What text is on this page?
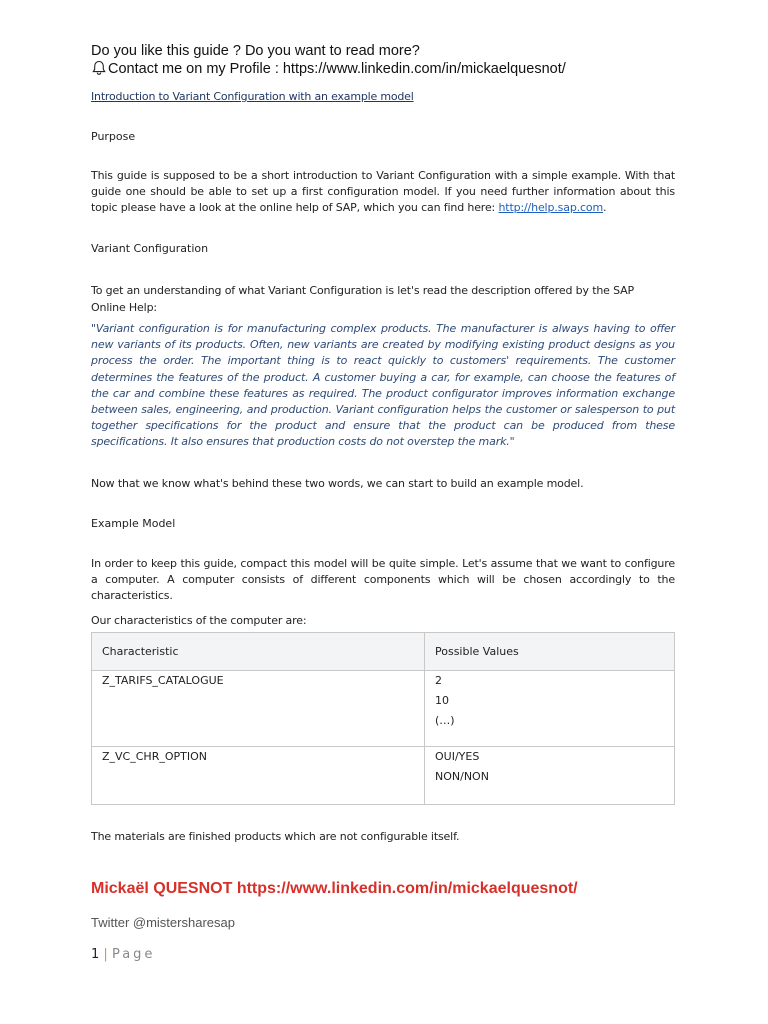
Do you like this guide ? Do you want to read more?
Contact me on my Profile : https://www.linkedin.com/in/mickaelquesnot/
Introduction to Variant Configuration with an example model
Purpose
This guide is supposed to be a short introduction to Variant Configuration with a simple example. With that guide one should be able to set up a first configuration model. If you need further information about this topic please have a look at the online help of SAP, which you can find here: http://help.sap.com.
Variant Configuration
To get an understanding of what Variant Configuration is let's read the description offered by the SAP
Online Help:
"Variant configuration is for manufacturing complex products. The manufacturer is always having to offer new variants of its products. Often, new variants are created by modifying existing product designs as you process the order. The important thing is to react quickly to customers' requirements. The customer determines the features of the product. A customer buying a car, for example, can choose the features of the car and combine these features as required. The product configurator improves information exchange between sales, engineering, and production. Variant configuration helps the customer or salesperson to put together specifications for the product and ensure that the product can be produced from these specifications. It also ensures that production costs do not overstep the mark."
Now that we know what's behind these two words, we can start to build an example model.
Example Model
In order to keep this guide, compact this model will be quite simple. Let's assume that we want to configure a computer. A computer consists of different components which will be chosen accordingly to the characteristics.
Our characteristics of the computer are:
Characteristic	Possible Values
Z_TARIFS_CATALOGUE	2
10
(…)

Z_VC_CHR_OPTION	OUI/YES
NON/NON
The materials are finished products which are not configurable itself.
Mickaël QUESNOT https://www.linkedin.com/in/mickaelquesnot/
Twitter @mistersharesap
1 | Page
